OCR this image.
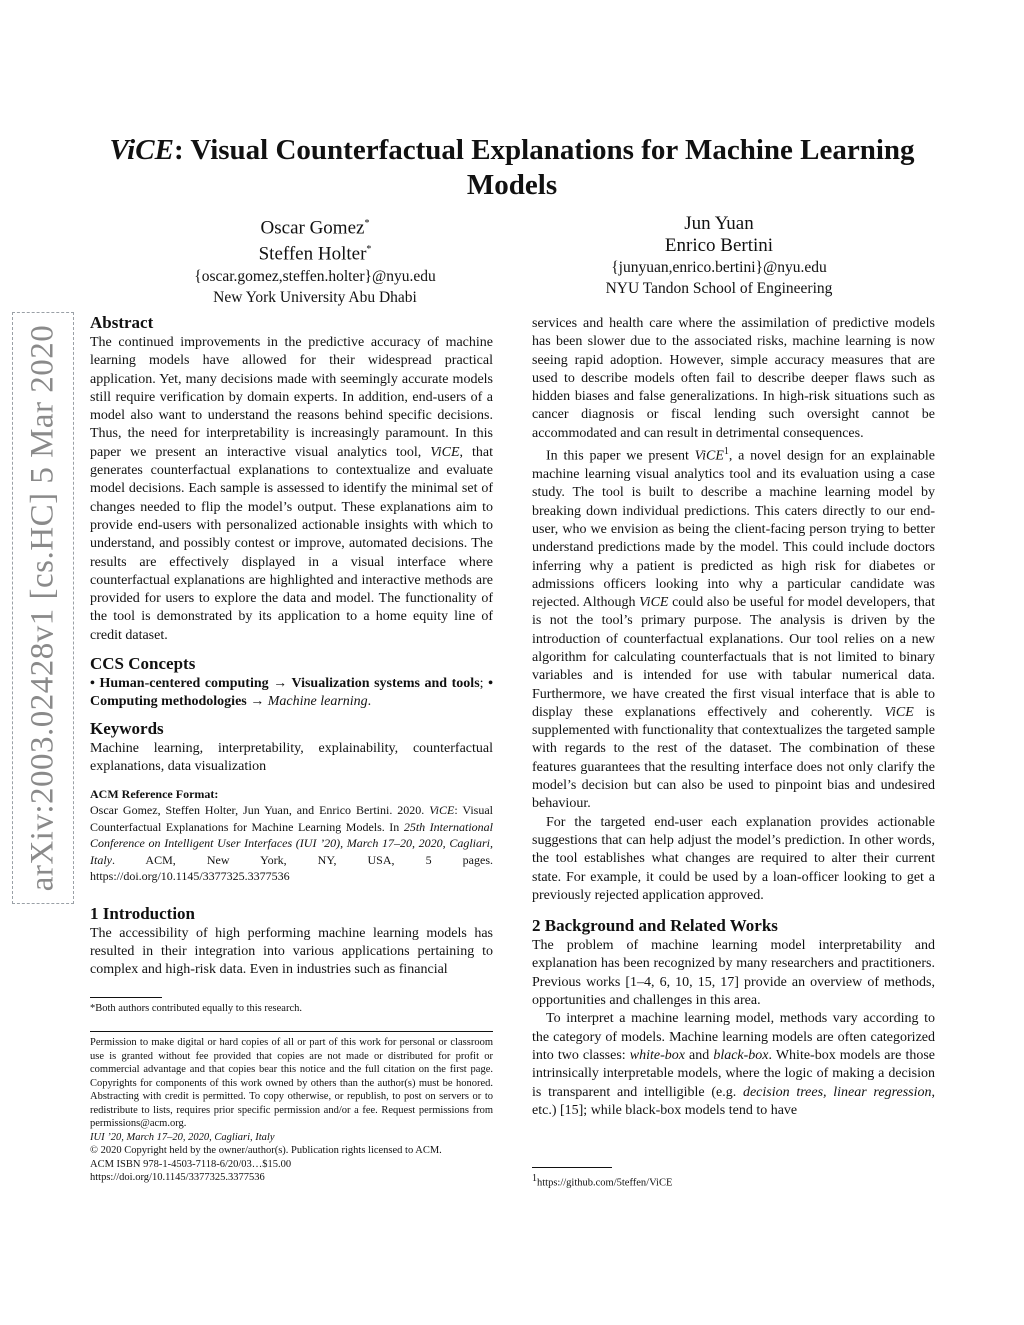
arXiv:2003.02428v1 [cs.HC] 5 Mar 2020
ViCE: Visual Counterfactual Explanations for Machine Learning Models
Oscar Gomez*
Steffen Holter*
{oscar.gomez,steffen.holter}@nyu.edu
New York University Abu Dhabi
Jun Yuan
Enrico Bertini
{junyuan,enrico.bertini}@nyu.edu
NYU Tandon School of Engineering
Abstract

The continued improvements in the predictive accuracy of machine learning models have allowed for their widespread practical application. Yet, many decisions made with seemingly accurate models still require verification by domain experts. In addition, end-users of a model also want to understand the reasons behind specific decisions. Thus, the need for interpretability is increasingly paramount. In this paper we present an interactive visual analytics tool, ViCE, that generates counterfactual explanations to contextualize and evaluate model decisions. Each sample is assessed to identify the minimal set of changes needed to flip the model’s output. These explanations aim to provide end-users with personalized actionable insights with which to understand, and possibly contest or improve, automated decisions. The results are effectively displayed in a visual interface where counterfactual explanations are highlighted and interactive methods are provided for users to explore the data and model. The functionality of the tool is demonstrated by its application to a home equity line of credit dataset.

CCS Concepts

• Human-centered computing → Visualization systems and tools; • Computing methodologies → Machine learning.

Keywords

Machine learning, interpretability, explainability, counterfactual explanations, data visualization

ACM Reference Format:

Oscar Gomez, Steffen Holter, Jun Yuan, and Enrico Bertini. 2020. ViCE: Visual Counterfactual Explanations for Machine Learning Models. In 25th International Conference on Intelligent User Interfaces (IUI ’20), March 17–20, 2020, Cagliari, Italy. ACM, New York, NY, USA, 5 pages. https://doi.org/10.1145/3377325.3377536

1 Introduction

The accessibility of high performing machine learning models has resulted in their integration into various applications pertaining to complex and high-risk data. Even in industries such as financial

*Both authors contributed equally to this research.

Permission to make digital or hard copies of all or part of this work for personal or classroom use is granted without fee provided that copies are not made or distributed for profit or commercial advantage and that copies bear this notice and the full citation on the first page. Copyrights for components of this work owned by others than the author(s) must be honored. Abstracting with credit is permitted. To copy otherwise, or republish, to post on servers or to redistribute to lists, requires prior specific permission and/or a fee. Request permissions from permissions@acm.org.

IUI ’20, March 17–20, 2020, Cagliari, Italy

© 2020 Copyright held by the owner/author(s). Publication rights licensed to ACM.

ACM ISBN 978-1-4503-7118-6/20/03…$15.00

https://doi.org/10.1145/3377325.3377536

services and health care where the assimilation of predictive models has been slower due to the associated risks, machine learning is now seeing rapid adoption. However, simple accuracy measures that are used to describe models often fail to describe deeper flaws such as hidden biases and false generalizations. In high-risk situations such as cancer diagnosis or fiscal lending such oversight cannot be accommodated and can result in detrimental consequences.

In this paper we present ViCE$^1$, a novel design for an explainable machine learning visual analytics tool and its evaluation using a case study. The tool is built to describe a machine learning model by breaking down individual predictions. This caters directly to our end-user, who we envision as being the client-facing person trying to better understand predictions made by the model. This could include doctors inferring why a patient is predicted as high risk for diabetes or admissions officers looking into why a particular candidate was rejected. Although ViCE could also be useful for model developers, that is not the tool’s primary purpose. The analysis is driven by the introduction of counterfactual explanations. Our tool relies on a new algorithm for calculating counterfactuals that is not limited to binary variables and is intended for use with tabular numerical data. Furthermore, we have created the first visual interface that is able to display these explanations effectively and coherently. ViCE is supplemented with functionality that contextualizes the targeted sample with regards to the rest of the dataset. The combination of these features guarantees that the resulting interface does not only clarify the model’s decision but can also be used to pinpoint bias and undesired behaviour.

For the targeted end-user each explanation provides actionable suggestions that can help adjust the model’s prediction. In other words, the tool establishes what changes are required to alter their current state. For example, it could be used by a loan-officer looking to get a previously rejected application approved.

2 Background and Related Works

The problem of machine learning model interpretability and explanation has been recognized by many researchers and practitioners. Previous works [1–4, 6, 10, 15, 17] provide an overview of methods, opportunities and challenges in this area.

To interpret a machine learning model, methods vary according to the category of models. Machine learning models are often categorized into two classes: white-box and black-box. White-box models are those intrinsically interpretable models, where the logic of making a decision is transparent and intelligible (e.g. decision trees, linear regression, etc.) [15]; while black-box models tend to have

$^1$https://github.com/5teffen/ViCE
